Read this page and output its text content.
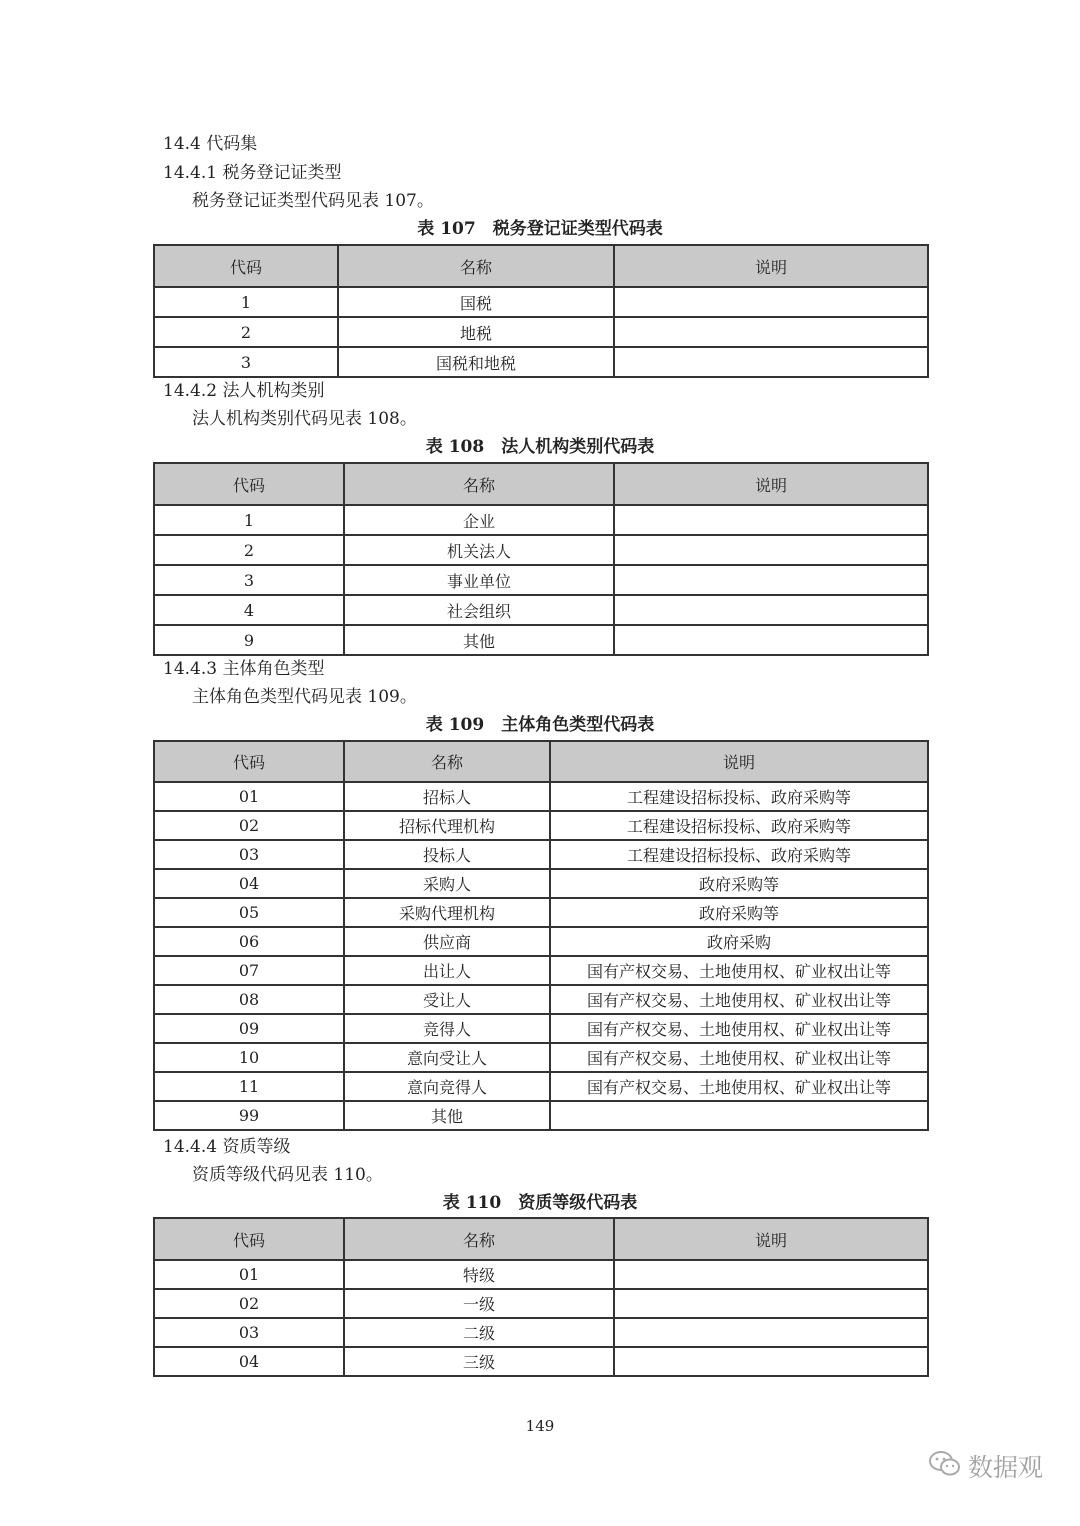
14.4 代码集
14.4.1 税务登记证类型
税务登记证类型代码见表 107。
表 107　税务登记证类型代码表
代码	名称	说明
1	国税	
2	地税	
3	国税和地税	
14.4.2 法人机构类别
法人机构类别代码见表 108。
表 108　法人机构类别代码表
代码	名称	说明
1	企业	
2	机关法人	
3	事业单位	
4	社会组织	
9	其他	
14.4.3 主体角色类型
主体角色类型代码见表 109。
表 109　主体角色类型代码表
代码	名称	说明
01	招标人	工程建设招标投标、政府采购等
02	招标代理机构	工程建设招标投标、政府采购等
03	投标人	工程建设招标投标、政府采购等
04	采购人	政府采购等
05	采购代理机构	政府采购等
06	供应商	政府采购
07	出让人	国有产权交易、土地使用权、矿业权出让等
08	受让人	国有产权交易、土地使用权、矿业权出让等
09	竞得人	国有产权交易、土地使用权、矿业权出让等
10	意向受让人	国有产权交易、土地使用权、矿业权出让等
11	意向竞得人	国有产权交易、土地使用权、矿业权出让等
99	其他	
14.4.4 资质等级
资质等级代码见表 110。
表 110　资质等级代码表
代码	名称	说明
01	特级	
02	一级	
03	二级	
04	三级	
149
数据观
